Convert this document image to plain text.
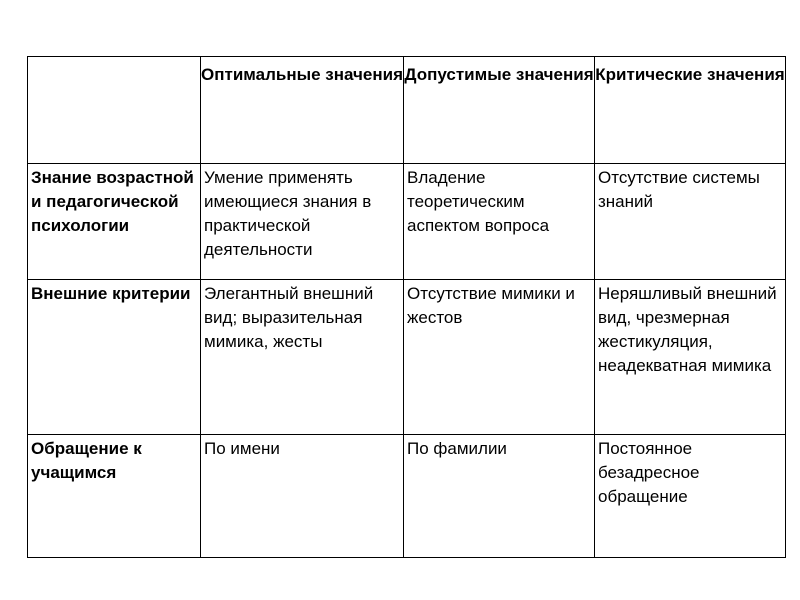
	Оптимальные значения	Допустимые значения	Критические значения
Знание возрастной и педагогической психологии	Умение применять имеющиеся знания в практической деятельности	Владение теоретическим аспектом вопроса	Отсутствие системы знаний
Внешние критерии	Элегантный внешний вид; выразительная мимика, жесты	Отсутствие мимики и жестов	Неряшливый внешний вид, чрезмерная жестикуляция, неадекватная мимика
Обращение к учащимся	По имени	По фамилии	Постоянное безадресное обращение
